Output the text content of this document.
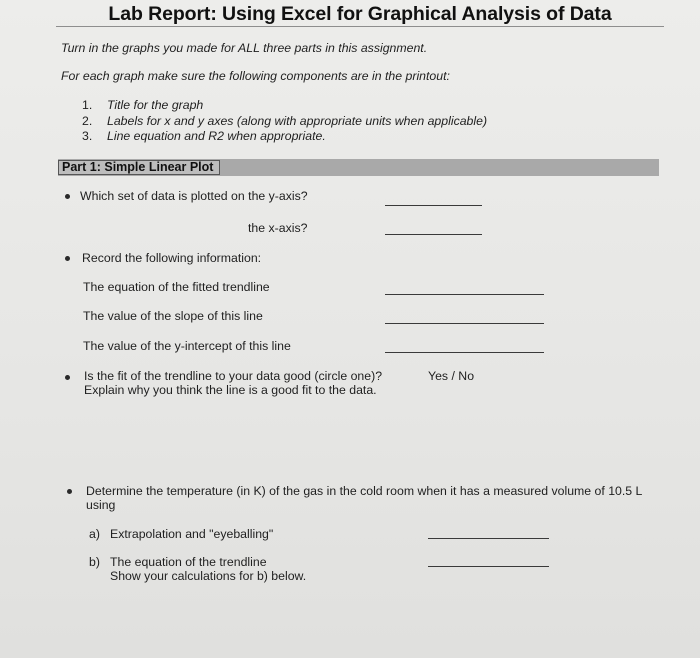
Lab Report: Using Excel for Graphical Analysis of Data
Turn in the graphs you made for ALL three parts in this assignment.
For each graph make sure the following components are in the printout:
1.	Title for the graph
2.	Labels for x and y axes (along with appropriate units when applicable)
3.	Line equation and R2 when appropriate.
Part 1: Simple Linear Plot
Which set of data is plotted on the y-axis?
the x-axis?
Record the following information:
The equation of the fitted trendline
The value of the slope of this line
The value of the y-intercept of this line
Is the fit of the trendline to your data good (circle one)?
Explain why you think the line is a good fit to the data.
Yes / No
Determine the temperature (in K) of the gas in the cold room when it has a measured volume of 10.5 L
using
a) Extrapolation and "eyeballing"
b) The equation of the trendline
Show your calculations for b) below.
